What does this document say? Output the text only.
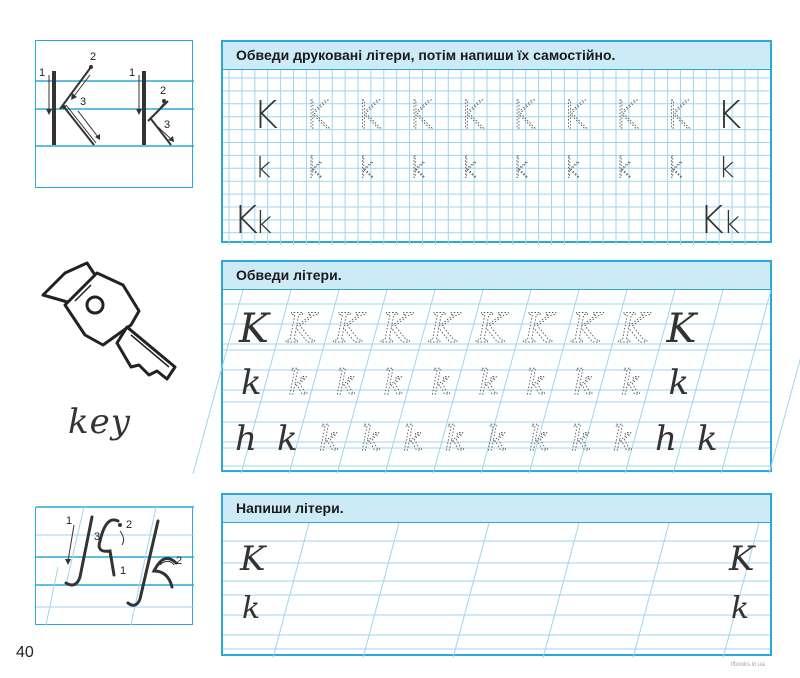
1
2
3
1
2
3
Обведи друковані літери, потім напиши їх самостійно.
K K K K K K K K K K
k k k k k k k k k k
K
k	K k
key
Обведи літери.
K K K K K K K K K K
k k k k k k k k k k
h k k k k k k k k k h k
1	2
3
1
2
Напиши літери.
K	K
k	k
40
ifbooks.in.ua
